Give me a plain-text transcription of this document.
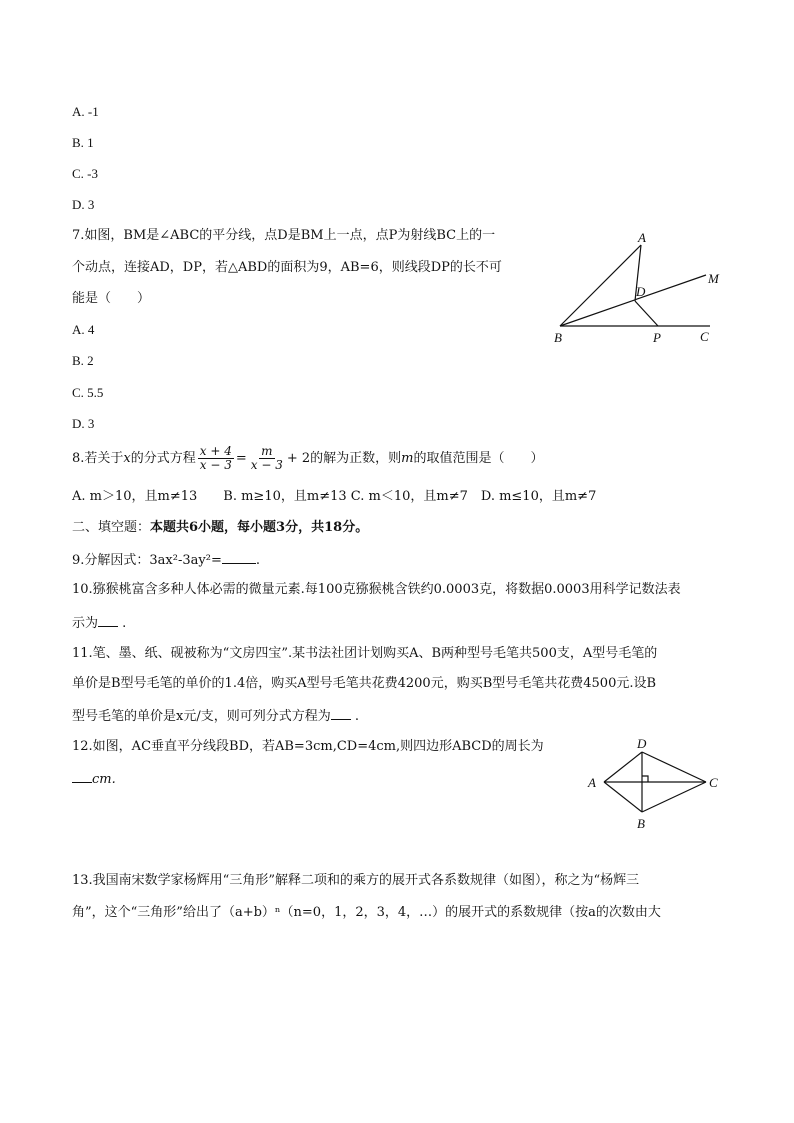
A. -1
B. 1
C. -3
D. 3
7.如图，BM是∠ABC的平分线，点D是BM上一点，点P为射线BC上的一
个动点，连接AD，DP，若△ABD的面积为9，AB=6，则线段DP的长不可
能是（　　）
A. 4
B. 2
C. 5.5
D. 3
A
M
D
B	P	C
8.若关于x的分式方程 $\frac{x + 4}{x - 3} = \frac{m}{x - 3} + 2$的解为正数，则m的取值范围是（　　）
A. m＞10，且m≠13　　B. m≥10，且m≠13 C. m＜10，且m≠7　D. m≤10，且m≠7
二、填空题：本题共6小题，每小题3分，共18分。
9.分解因式：3ax²-3ay²=	.
10.猕猴桃富含多种人体必需的微量元素.每100克猕猴桃含铁约0.0003克，将数据0.0003用科学记数法表
示为 .
11.笔、墨、纸、砚被称为“文房四宝”.某书法社团计划购买A、B两种型号毛笔共500支，A型号毛笔的
单价是B型号毛笔的单价的1.4倍，购买A型号毛笔共花费4200元，购买B型号毛笔共花费4500元.设B
型号毛笔的单价是x元/支，则可列分式方程为 .
12.如图，AC垂直平分线段BD，若AB=3cm,CD=4cm,则四边形ABCD的周长为
cm.
D
A	C
B
13.我国南宋数学家杨辉用“三角形”解释二项和的乘方的展开式各系数规律（如图），称之为“杨辉三
角”，这个“三角形”给出了（a+b）ⁿ（n=0，1，2，3，4，…）的展开式的系数规律（按a的次数由大
